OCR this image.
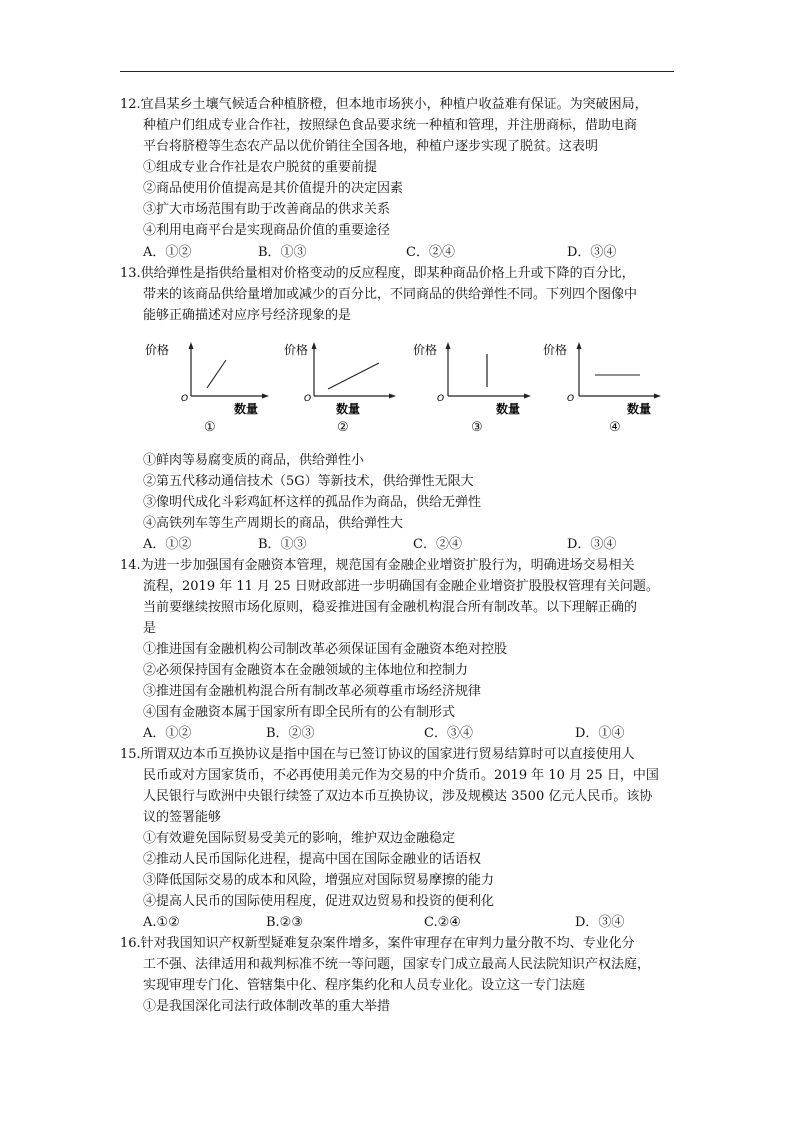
12.宜昌某乡土壤气候适合种植脐橙，但本地市场狭小，种植户收益难有保证。为突破困局，
种植户们组成专业合作社，按照绿色食品要求统一种植和管理，并注册商标，借助电商
平台将脐橙等生态农产品以优价销往全国各地，种植户逐步实现了脱贫。这表明
①组成专业合作社是农户脱贫的重要前提
②商品使用价值提高是其价值提升的决定因素
③扩大市场范围有助于改善商品的供求关系
④利用电商平台是实现商品价值的重要途径
A．①②	B．①③	C．②④	D．③④
13.供给弹性是指供给量相对价格变动的反应程度，即某种商品价格上升或下降的百分比，
带来的该商品供给量增加或减少的百分比，不同商品的供给弹性不同。下列四个图像中
能够正确描述对应序号经济现象的是
价格
O
数量
①
价格
O
数量
②
价格
O
数量
③
价格
O
数量
④
①鲜肉等易腐变质的商品，供给弹性小
②第五代移动通信技术（5G）等新技术，供给弹性无限大
③像明代成化斗彩鸡缸杯这样的孤品作为商品，供给无弹性
④高铁列车等生产周期长的商品，供给弹性大
A．①②	B．①③	C．②④	D．③④
14.为进一步加强国有金融资本管理，规范国有金融企业增资扩股行为，明确进场交易相关
流程，2019 年 11 月 25 日财政部进一步明确国有金融企业增资扩股股权管理有关问题。
当前要继续按照市场化原则，稳妥推进国有金融机构混合所有制改革。以下理解正确的
是
①推进国有金融机构公司制改革必须保证国有金融资本绝对控股
②必须保持国有金融资本在金融领域的主体地位和控制力
③推进国有金融机构混合所有制改革必须尊重市场经济规律
④国有金融资本属于国家所有即全民所有的公有制形式
A．①②	B．②③	C．③④	D．①④
15.所谓双边本币互换协议是指中国在与已签订协议的国家进行贸易结算时可以直接使用人
民币或对方国家货币，不必再使用美元作为交易的中介货币。2019 年 10 月 25 日，中国
人民银行与欧洲中央银行续签了双边本币互换协议，涉及规模达 3500 亿元人民币。该协
议的签署能够
①有效避免国际贸易受美元的影响，维护双边金融稳定
②推动人民币国际化进程，提高中国在国际金融业的话语权
③降低国际交易的成本和风险，增强应对国际贸易摩擦的能力
④提高人民币的国际使用程度，促进双边贸易和投资的便利化
A.①②	B.②③	C.②④	D．③④
16.针对我国知识产权新型疑难复杂案件增多，案件审理存在审判力量分散不均、专业化分
工不强、法律适用和裁判标准不统一等问题，国家专门成立最高人民法院知识产权法庭，
实现审理专门化、管辖集中化、程序集约化和人员专业化。设立这一专门法庭
①是我国深化司法行政体制改革的重大举措
